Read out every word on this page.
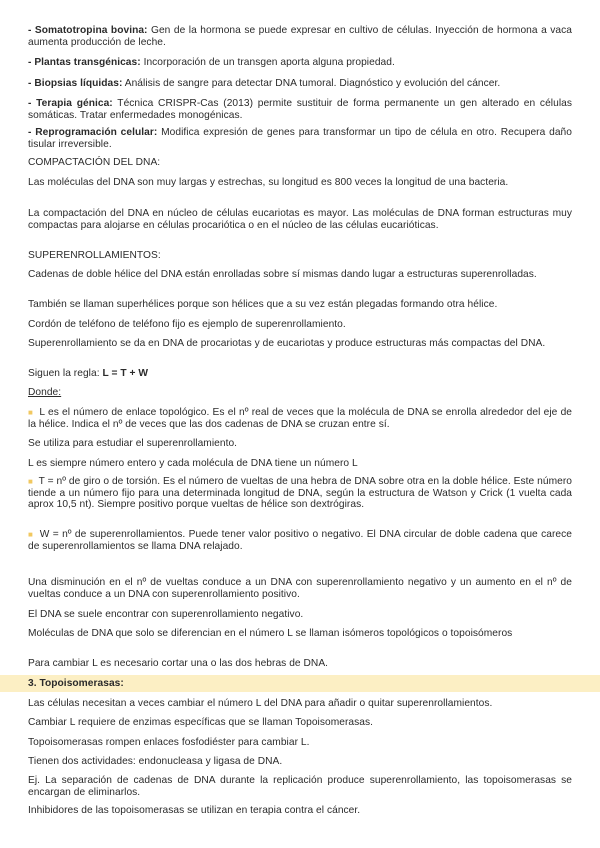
- Somatotropina bovina: Gen de la hormona se puede expresar en cultivo de células. Inyección de hormona a vaca aumenta producción de leche.

- Plantas transgénicas: Incorporación de un transgen aporta alguna propiedad.

- Biopsias líquidas: Análisis de sangre para detectar DNA tumoral. Diagnóstico y evolución del cáncer.

- Terapia génica: Técnica CRISPR-Cas (2013) permite sustituir de forma permanente un gen alterado en células somáticas. Tratar enfermedades monogénicas.

- Reprogramación celular: Modifica expresión de genes para transformar un tipo de célula en otro. Recupera daño tisular irreversible.

COMPACTACIÓN DEL DNA:

Las moléculas del DNA son muy largas y estrechas, su longitud es 800 veces la longitud de una bacteria.

La compactación del DNA en núcleo de células eucariotas es mayor. Las moléculas de DNA forman estructuras muy compactas para alojarse en células procariótica o en el núcleo de las células eucarióticas.

SUPERENROLLAMIENTOS:

Cadenas de doble hélice del DNA están enrolladas sobre sí mismas dando lugar a estructuras superenrolladas.

También se llaman superhélices porque son hélices que a su vez están plegadas formando otra hélice.

Cordón de teléfono de teléfono fijo es ejemplo de superenrollamiento.

Superenrollamiento se da en DNA de procariotas y de eucariotas y produce estructuras más compactas del DNA.

Siguen la regla: L = T + W

Donde:

■ L es el número de enlace topológico. Es el nº real de veces que la molécula de DNA se enrolla alrededor del eje de la hélice. Indica el nº de veces que las dos cadenas de DNA se cruzan entre sí.

Se utiliza para estudiar el superenrollamiento.

L es siempre número entero y cada molécula de DNA tiene un número L

■ T = nº de giro o de torsión. Es el número de vueltas de una hebra de DNA sobre otra en la doble hélice. Este número tiende a un número fijo para una determinada longitud de DNA, según la estructura de Watson y Crick (1 vuelta cada aprox 10,5 nt). Siempre positivo porque vueltas de hélice son dextrógiras.

■ W = nº de superenrollamientos. Puede tener valor positivo o negativo. El DNA circular de doble cadena que carece de superenrollamientos se llama DNA relajado.

Una disminución en el nº de vueltas conduce a un DNA con superenrollamiento negativo y un aumento en el nº de vueltas conduce a un DNA con superenrollamiento positivo.

El DNA se suele encontrar con superenrollamiento negativo.

Moléculas de DNA que solo se diferencian en el número L se llaman isómeros topológicos o topoisómeros

Para cambiar L es necesario cortar una o las dos hebras de DNA.

3. Topoisomerasas:

Las células necesitan a veces cambiar el número L del DNA para añadir o quitar superenrollamientos.

Cambiar L requiere de enzimas específicas que se llaman Topoisomerasas.

Topoisomerasas rompen enlaces fosfodiéster para cambiar L.

Tienen dos actividades: endonucleasa y ligasa de DNA.

Ej. La separación de cadenas de DNA durante la replicación produce superenrollamiento, las topoisomerasas se encargan de eliminarlos.

Inhibidores de las topoisomerasas se utilizan en terapia contra el cáncer.
